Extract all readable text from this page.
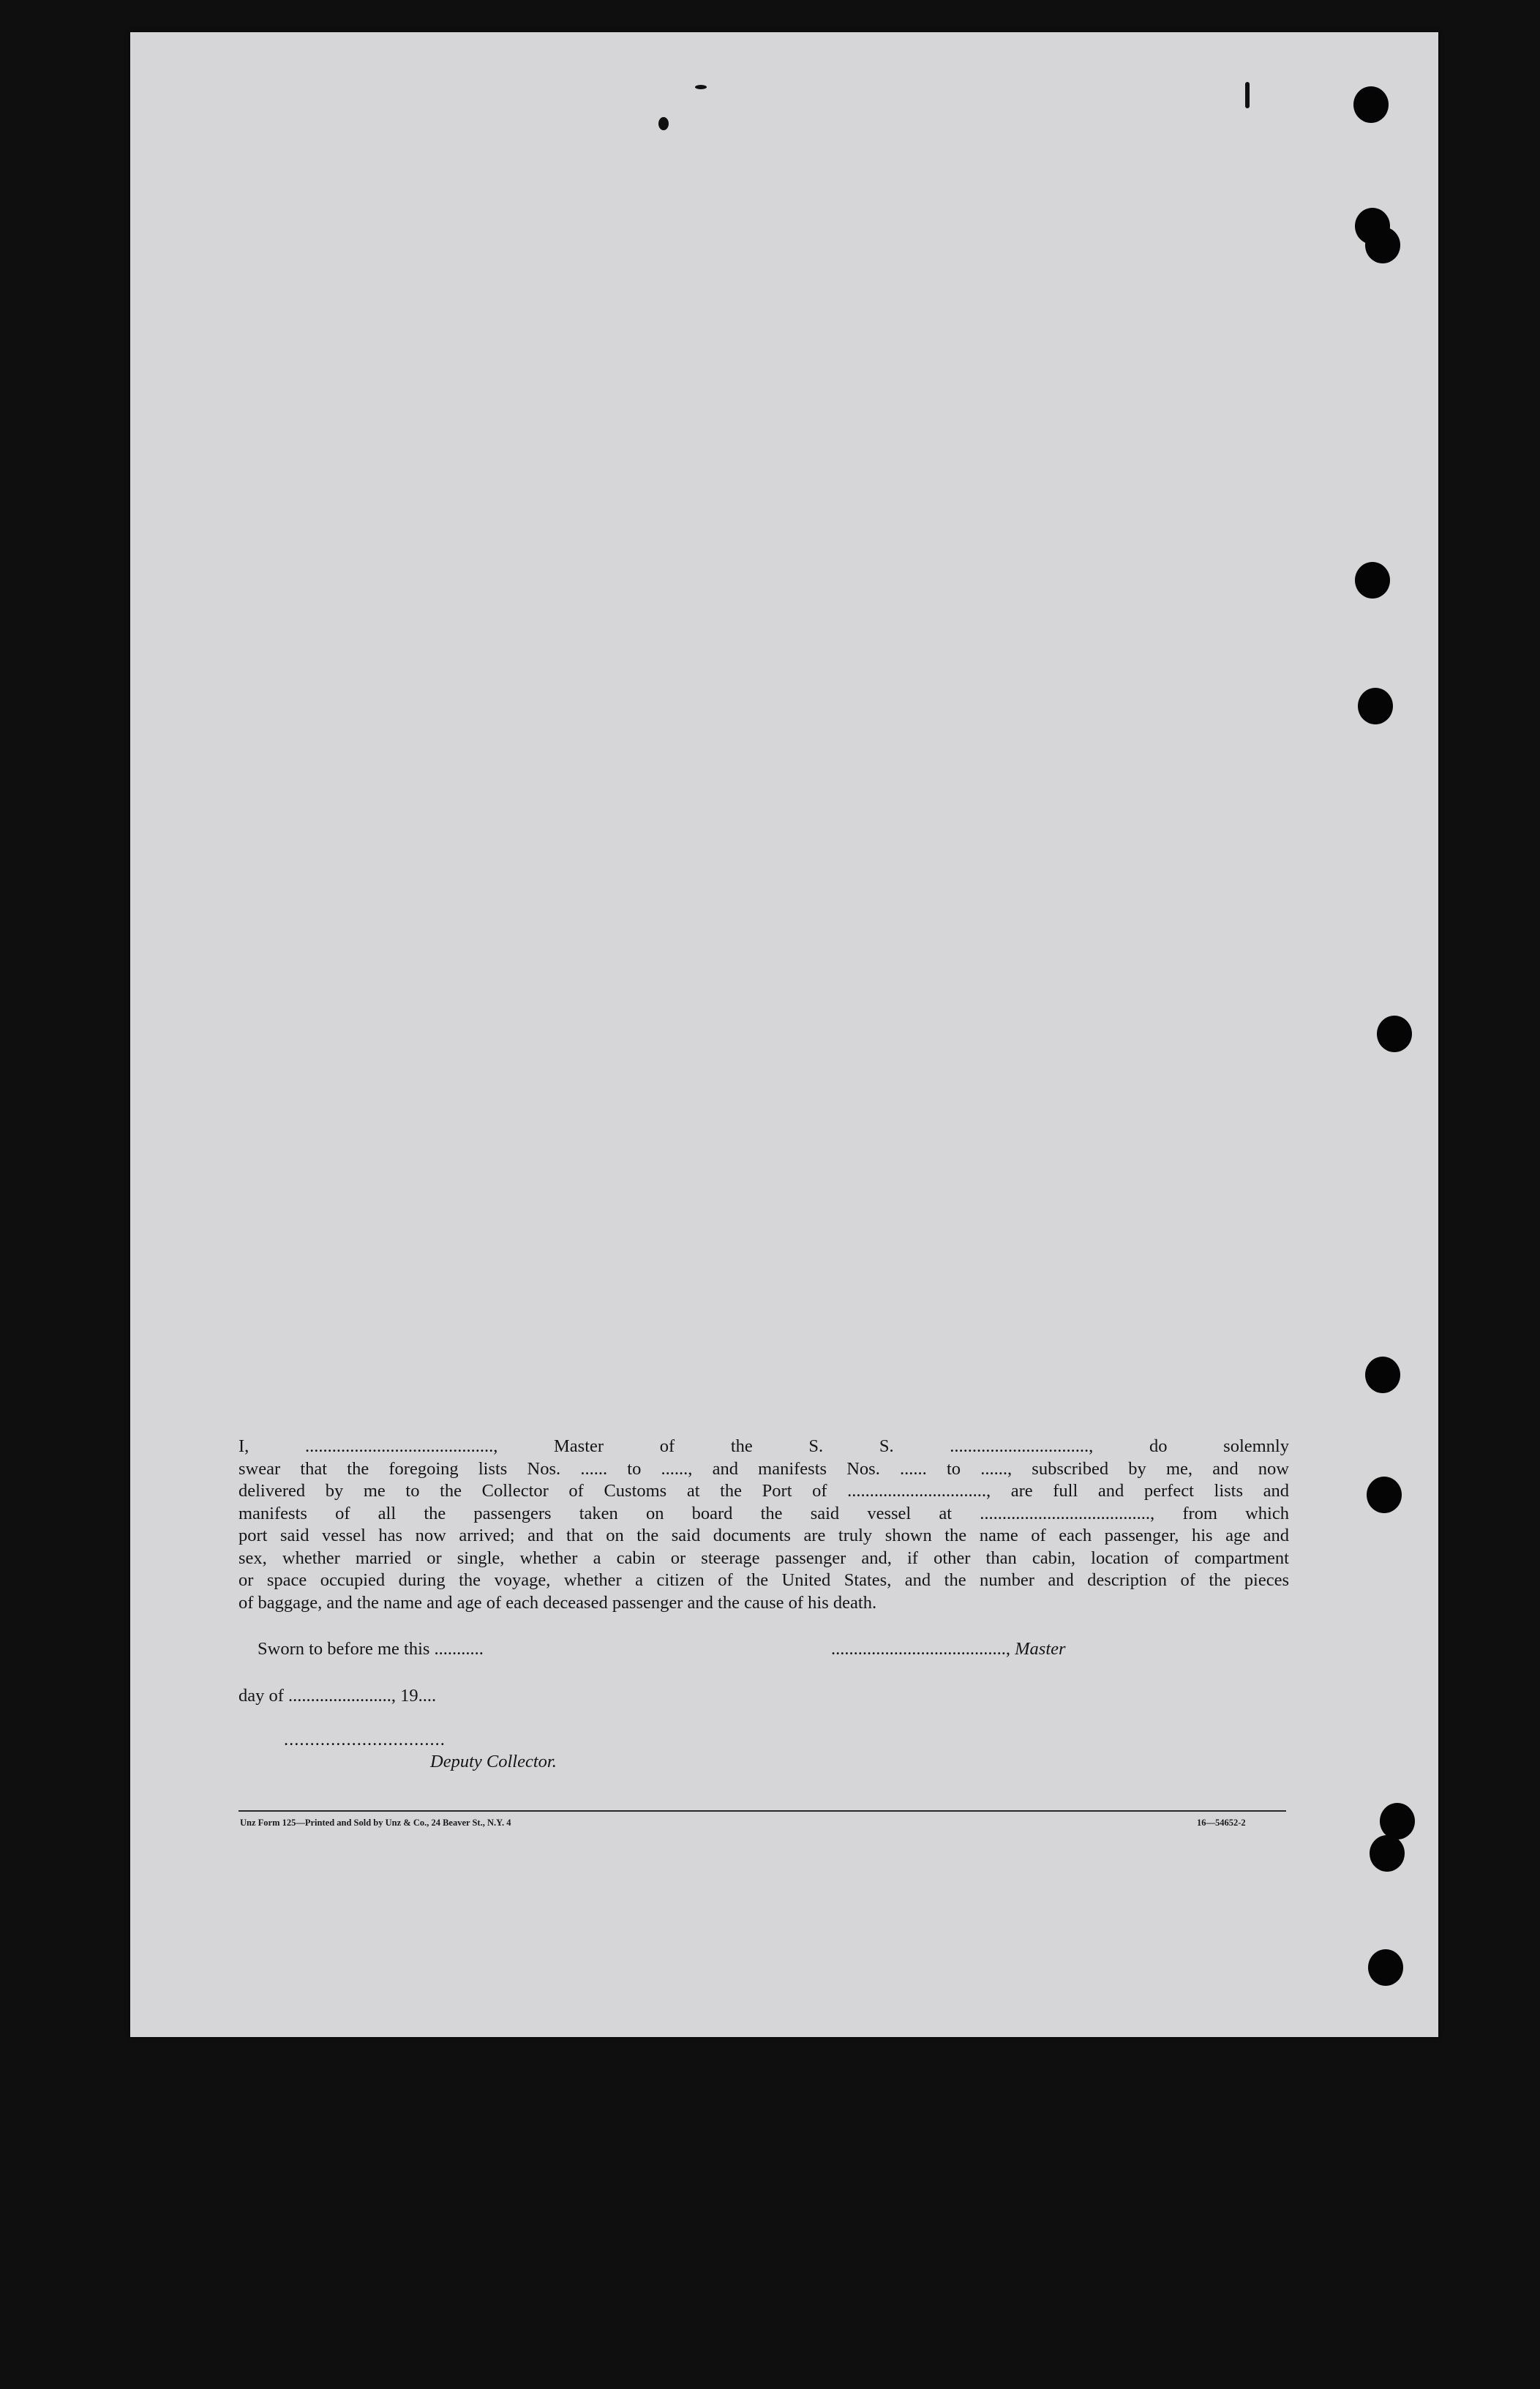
I, .........................................., Master of the S. S. ..............................., do solemnly
swear that the foregoing lists Nos. ...... to ......, and manifests Nos. ...... to ......, subscribed by me, and now
delivered by me to the Collector of Customs at the Port of ..............................., are full and perfect lists and
manifests of all the passengers taken on board the said vessel at ......................................, from which
port said vessel has now arrived; and that on the said documents are truly shown the name of each passenger, his age and
sex, whether married or single, whether a cabin or steerage passenger and, if other than cabin, location of compartment
or space occupied during the voyage, whether a citizen of the United States, and the number and description of the pieces
of baggage, and the name and age of each deceased passenger and the cause of his death.
Sworn to before me this ...........	......................................., Master
day of ......................., 19....
...............................
Deputy Collector.
Unz Form 125—Printed and Sold by Unz & Co., 24 Beaver St., N.Y. 4	16—54652-2
